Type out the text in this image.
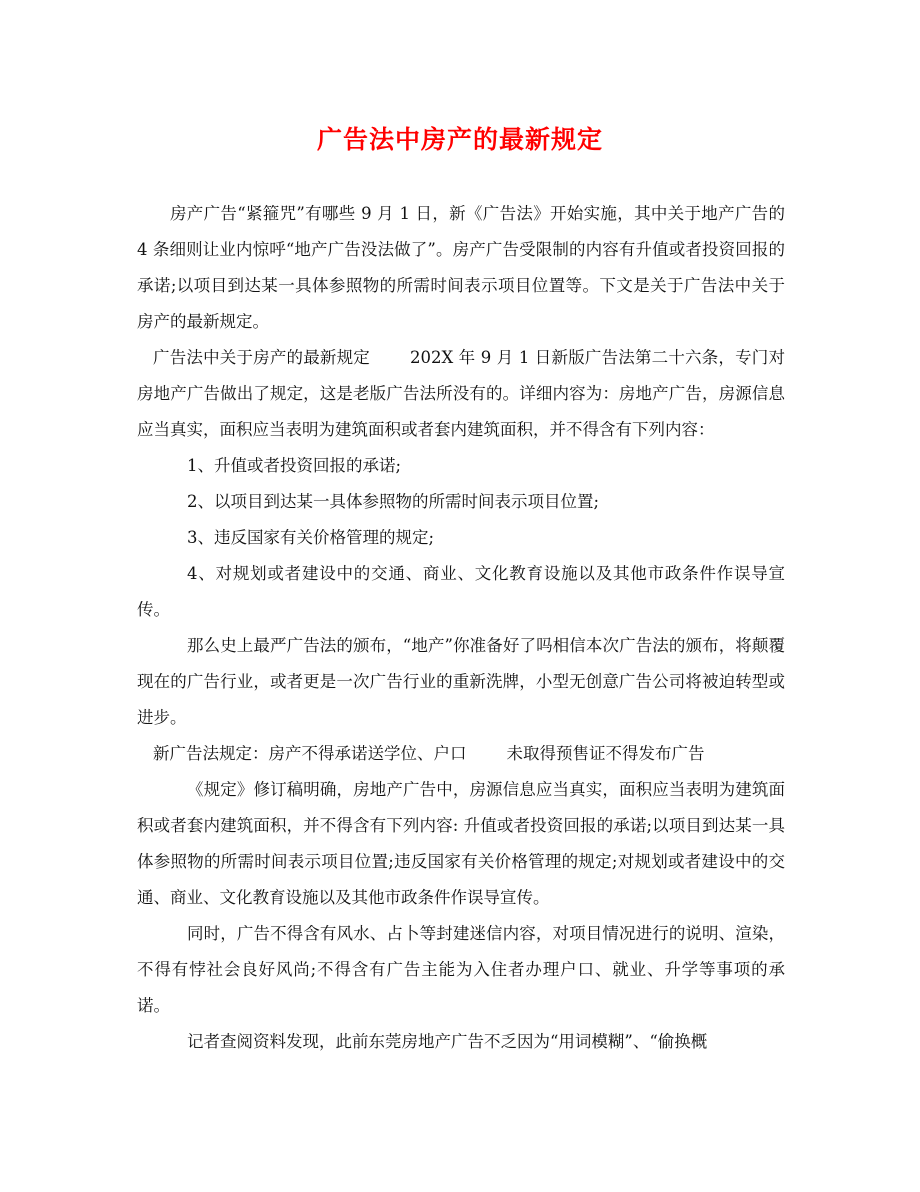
广告法中房产的最新规定

房产广告“紧箍咒”有哪些 9 月 1 日，新《广告法》开始实施，其中关于地产广告的 4 条细则让业内惊呼“地产广告没法做了”。房产广告受限制的内容有升值或者投资回报的承诺;以项目到达某一具体参照物的所需时间表示项目位置等。下文是关于广告法中关于房产的最新规定。

广告法中关于房产的最新规定 202X 年 9 月 1 日新版广告法第二十六条，专门对房地产广告做出了规定，这是老版广告法所没有的。详细内容为：房地产广告，房源信息应当真实，面积应当表明为建筑面积或者套内建筑面积，并不得含有下列内容：

1、升值或者投资回报的承诺;

2、以项目到达某一具体参照物的所需时间表示项目位置;

3、违反国家有关价格管理的规定;

4、对规划或者建设中的交通、商业、文化教育设施以及其他市政条件作误导宣传。

那么史上最严广告法的颁布，“地产”你准备好了吗相信本次广告法的颁布，将颠覆现在的广告行业，或者更是一次广告行业的重新洗牌，小型无创意广告公司将被迫转型或进步。

新广告法规定：房产不得承诺送学位、户口 未取得预售证不得发布广告

《规定》修订稿明确，房地产广告中，房源信息应当真实，面积应当表明为建筑面积或者套内建筑面积，并不得含有下列内容: 升值或者投资回报的承诺;以项目到达某一具体参照物的所需时间表示项目位置;违反国家有关价格管理的规定;对规划或者建设中的交通、商业、文化教育设施以及其他市政条件作误导宣传。

同时，广告不得含有风水、占卜等封建迷信内容，对项目情况进行的说明、渲染，不得有悖社会良好风尚;不得含有广告主能为入住者办理户口、就业、升学等事项的承诺。

记者查阅资料发现，此前东莞房地产广告不乏因为“用词模糊”、“偷换概
